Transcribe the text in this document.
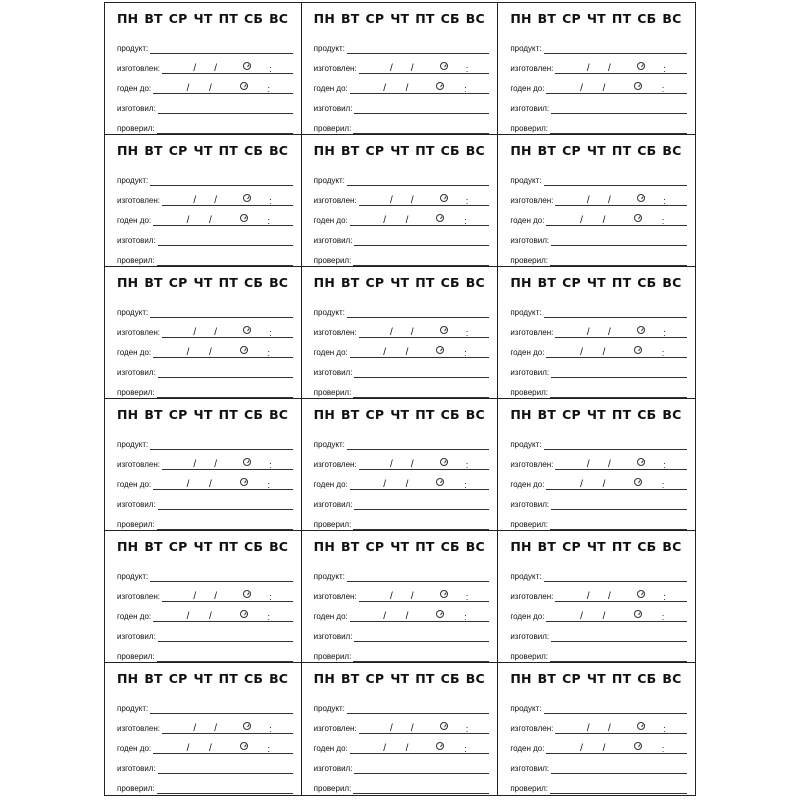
ПН ВТ СР ЧТ ПТ СБ ВС
продукт:
изготовлен:	/ /	:
годен до:	/ /	:
изготовил:
проверил:
ПН ВТ СР ЧТ ПТ СБ ВС
продукт:
изготовлен:	/ /	:
годен до:	/ /	:
изготовил:
проверил:
ПН ВТ СР ЧТ ПТ СБ ВС
продукт:
изготовлен:	/ /	:
годен до:	/ /	:
изготовил:
проверил:
ПН ВТ СР ЧТ ПТ СБ ВС
продукт:
изготовлен:	/ /	:
годен до:	/ /	:
изготовил:
проверил:
ПН ВТ СР ЧТ ПТ СБ ВС
продукт:
изготовлен:	/ /	:
годен до:	/ /	:
изготовил:
проверил:
ПН ВТ СР ЧТ ПТ СБ ВС
продукт:
изготовлен:	/ /	:
годен до:	/ /	:
изготовил:
проверил:
ПН ВТ СР ЧТ ПТ СБ ВС
продукт:
изготовлен:	/ /	:
годен до:	/ /	:
изготовил:
проверил:
ПН ВТ СР ЧТ ПТ СБ ВС
продукт:
изготовлен:	/ /	:
годен до:	/ /	:
изготовил:
проверил:
ПН ВТ СР ЧТ ПТ СБ ВС
продукт:
изготовлен:	/ /	:
годен до:	/ /	:
изготовил:
проверил:
ПН ВТ СР ЧТ ПТ СБ ВС
продукт:
изготовлен:	/ /	:
годен до:	/ /	:
изготовил:
проверил:
ПН ВТ СР ЧТ ПТ СБ ВС
продукт:
изготовлен:	/ /	:
годен до:	/ /	:
изготовил:
проверил:
ПН ВТ СР ЧТ ПТ СБ ВС
продукт:
изготовлен:	/ /	:
годен до:	/ /	:
изготовил:
проверил:
ПН ВТ СР ЧТ ПТ СБ ВС
продукт:
изготовлен:	/ /	:
годен до:	/ /	:
изготовил:
проверил:
ПН ВТ СР ЧТ ПТ СБ ВС
продукт:
изготовлен:	/ /	:
годен до:	/ /	:
изготовил:
проверил:
ПН ВТ СР ЧТ ПТ СБ ВС
продукт:
изготовлен:	/ /	:
годен до:	/ /	:
изготовил:
проверил:
ПН ВТ СР ЧТ ПТ СБ ВС
продукт:
изготовлен:	/ /	:
годен до:	/ /	:
изготовил:
проверил:
ПН ВТ СР ЧТ ПТ СБ ВС
продукт:
изготовлен:	/ /	:
годен до:	/ /	:
изготовил:
проверил:
ПН ВТ СР ЧТ ПТ СБ ВС
продукт:
изготовлен:	/ /	:
годен до:	/ /	:
изготовил:
проверил:
